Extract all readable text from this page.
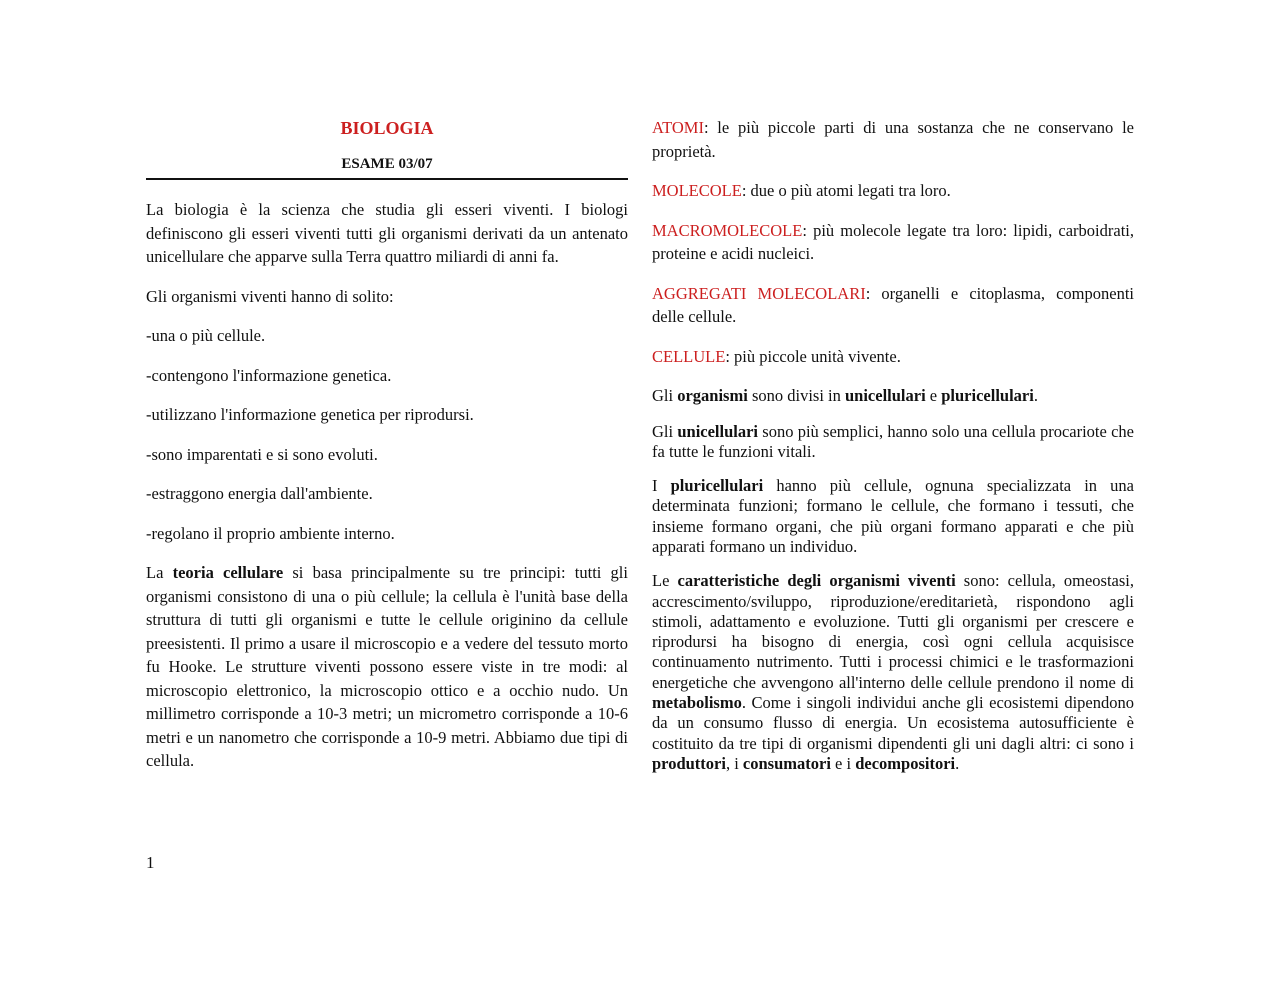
BIOLOGIA
ESAME 03/07

La biologia è la scienza che studia gli esseri viventi. I biologi definiscono gli esseri viventi tutti gli organismi derivati da un antenato unicellulare che apparve sulla Terra quattro miliardi di anni fa.

Gli organismi viventi hanno di solito:

-una o più cellule.

-contengono l'informazione genetica.

-utilizzano l'informazione genetica per riprodursi.

-sono imparentati e si sono evoluti.

-estraggono energia dall'ambiente.

-regolano il proprio ambiente interno.

La teoria cellulare si basa principalmente su tre principi: tutti gli organismi consistono di una o più cellule; la cellula è l'unità base della struttura di tutti gli organismi e tutte le cellule originino da cellule preesistenti. Il primo a usare il microscopio e a vedere del tessuto morto fu Hooke. Le strutture viventi possono essere viste in tre modi: al microscopio elettronico, la microscopio ottico e a occhio nudo. Un millimetro corrisponde a 10-3 metri; un micrometro corrisponde a 10-6 metri e un nanometro che corrisponde a 10-9 metri. Abbiamo due tipi di cellula.

ATOMI: le più piccole parti di una sostanza che ne conservano le proprietà.

MOLECOLE: due o più atomi legati tra loro.

MACROMOLECOLE: più molecole legate tra loro: lipidi, carboidrati, proteine e acidi nucleici.

AGGREGATI MOLECOLARI: organelli e citoplasma, componenti delle cellule.

CELLULE: più piccole unità vivente.

Gli organismi sono divisi in unicellulari e pluricellulari.

Gli unicellulari sono più semplici, hanno solo una cellula procariote che fa tutte le funzioni vitali.

I pluricellulari hanno più cellule, ognuna specializzata in una determinata funzioni; formano le cellule, che formano i tessuti, che insieme formano organi, che più organi formano apparati e che più apparati formano un individuo.

Le caratteristiche degli organismi viventi sono: cellula, omeostasi, accrescimento/sviluppo, riproduzione/ereditarietà, rispondono agli stimoli, adattamento e evoluzione. Tutti gli organismi per crescere e riprodursi ha bisogno di energia, così ogni cellula acquisisce continuamento nutrimento. Tutti i processi chimici e le trasformazioni energetiche che avvengono all'interno delle cellule prendono il nome di metabolismo. Come i singoli individui anche gli ecosistemi dipendono da un consumo flusso di energia. Un ecosistema autosufficiente è costituito da tre tipi di organismi dipendenti gli uni dagli altri: ci sono i produttori, i consumatori e i decompositori.

1
